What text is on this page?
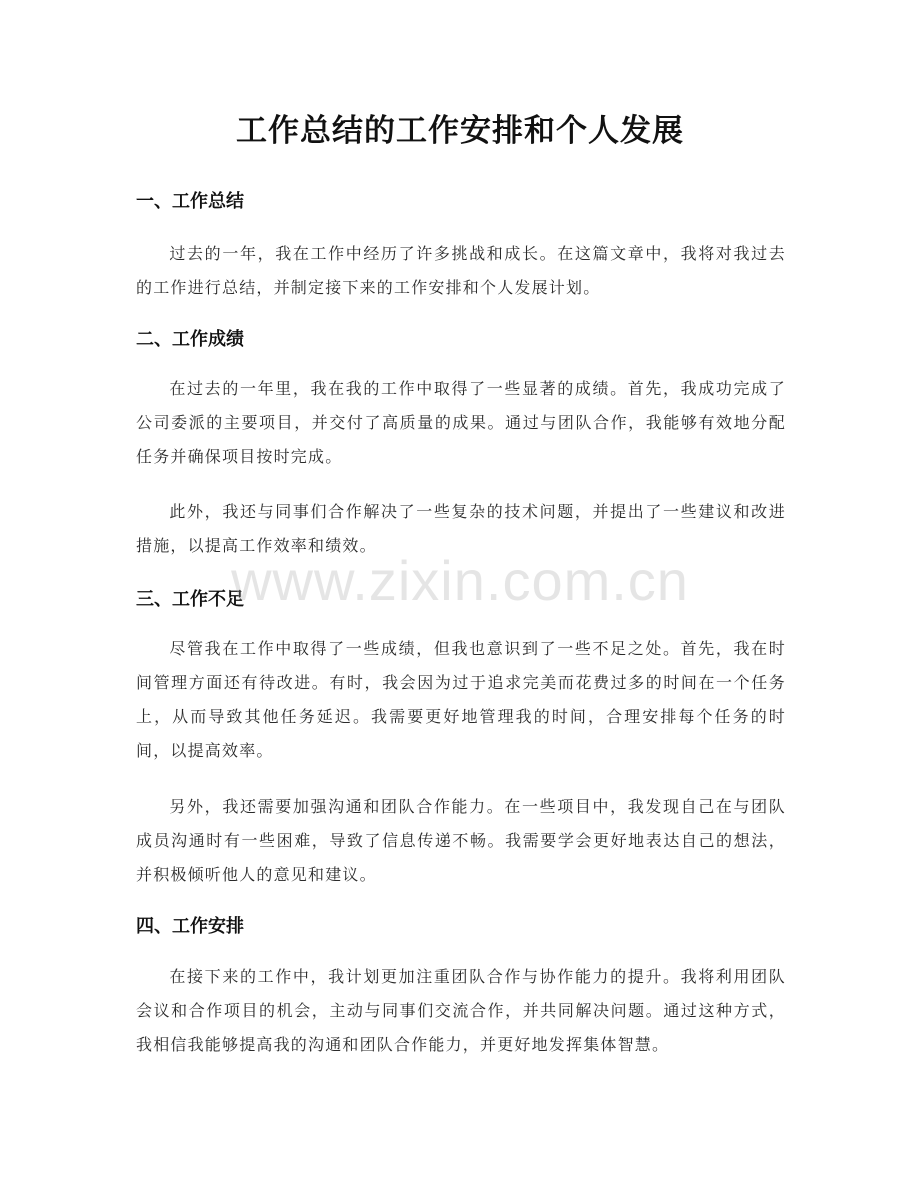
工作总结的工作安排和个人发展
一、工作总结
过去的一年，我在工作中经历了许多挑战和成长。在这篇文章中，我将对我过去的工作进行总结，并制定接下来的工作安排和个人发展计划。
二、工作成绩
在过去的一年里，我在我的工作中取得了一些显著的成绩。首先，我成功完成了公司委派的主要项目，并交付了高质量的成果。通过与团队合作，我能够有效地分配任务并确保项目按时完成。
此外，我还与同事们合作解决了一些复杂的技术问题，并提出了一些建议和改进措施，以提高工作效率和绩效。
三、工作不足
尽管我在工作中取得了一些成绩，但我也意识到了一些不足之处。首先，我在时间管理方面还有待改进。有时，我会因为过于追求完美而花费过多的时间在一个任务上，从而导致其他任务延迟。我需要更好地管理我的时间，合理安排每个任务的时间，以提高效率。
另外，我还需要加强沟通和团队合作能力。在一些项目中，我发现自己在与团队成员沟通时有一些困难，导致了信息传递不畅。我需要学会更好地表达自己的想法，并积极倾听他人的意见和建议。
四、工作安排
在接下来的工作中，我计划更加注重团队合作与协作能力的提升。我将利用团队会议和合作项目的机会，主动与同事们交流合作，并共同解决问题。通过这种方式，我相信我能够提高我的沟通和团队合作能力，并更好地发挥集体智慧。
www.zixin.com.cn
